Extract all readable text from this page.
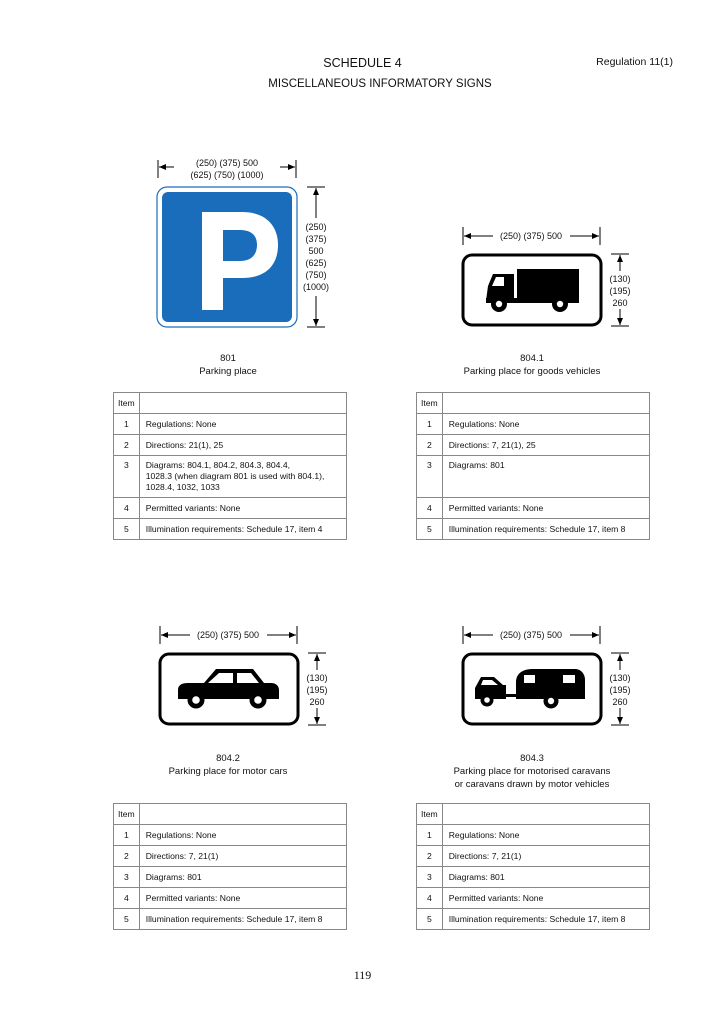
SCHEDULE 4
MISCELLANEOUS INFORMATORY SIGNS
Regulation 11(1)
(250) (375) 500
(625) (750) (1000)
(250)
(375)
500
(625)
(750)
(1000)
801
Parking place
Item	
1	Regulations: None
2	Directions: 21(1), 25
3	Diagrams: 804.1, 804.2, 804.3, 804.4,
1028.3 (when diagram 801 is used with 804.1),
1028.4, 1032, 1033

4	Permitted variants: None
5	Illumination requirements: Schedule 17, item 4
(250) (375) 500
(130)
(195)
260
804.1
Parking place for goods vehicles
Item	
1	Regulations: None
2	Directions: 7, 21(1), 25
3	Diagrams: 801
4	Permitted variants: None
5	Illumination requirements: Schedule 17, item 8
(250) (375) 500
(130)
(195)
260
804.2
Parking place for motor cars
Item	
1	Regulations: None
2	Directions: 7, 21(1)
3	Diagrams: 801
4	Permitted variants: None
5	Illumination requirements: Schedule 17, item 8
(250) (375) 500
(130)
(195)
260
804.3
Parking place for motorised caravans
or caravans drawn by motor vehicles
Item	
1	Regulations: None
2	Directions: 7, 21(1)
3	Diagrams: 801
4	Permitted variants: None
5	Illumination requirements: Schedule 17, item 8
119
